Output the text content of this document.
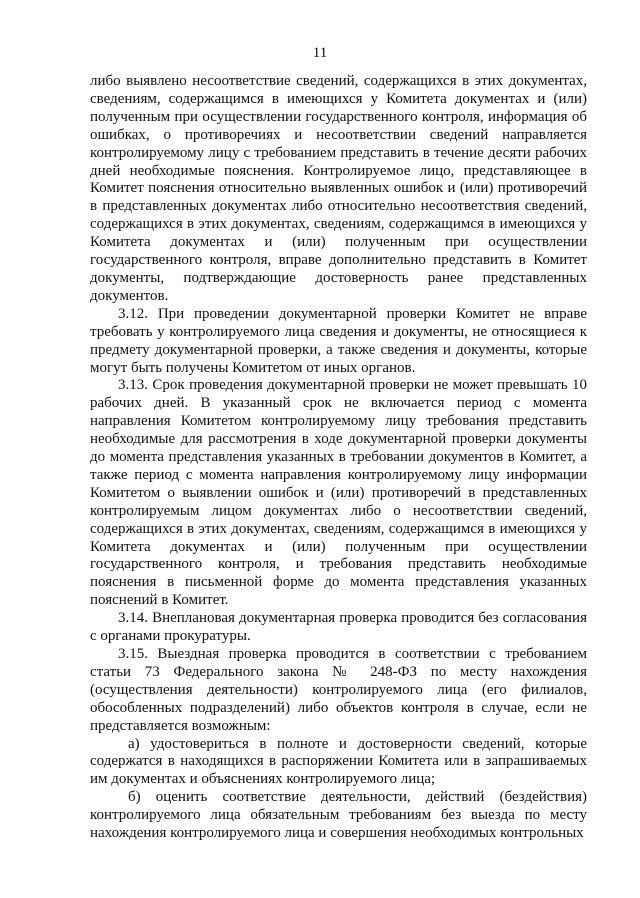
11

либо выявлено несоответствие сведений, содержащихся в этих документах, сведениям, содержащимся в имеющихся у Комитета документах и (или) полученным при осуществлении государственного контроля, информация об ошибках, о противоречиях и несоответствии сведений направляется контролируемому лицу с требованием представить в течение десяти рабочих дней необходимые пояснения. Контролируемое лицо, представляющее в Комитет пояснения относительно выявленных ошибок и (или) противоречий в представленных документах либо относительно несоответствия сведений, содержащихся в этих документах, сведениям, содержащимся в имеющихся у Комитета документах и (или) полученным при осуществлении государственного контроля, вправе дополнительно представить в Комитет документы, подтверждающие достоверность ранее представленных документов.

3.12. При проведении документарной проверки Комитет не вправе требовать у контролируемого лица сведения и документы, не относящиеся к предмету документарной проверки, а также сведения и документы, которые могут быть получены Комитетом от иных органов.

3.13. Срок проведения документарной проверки не может превышать 10 рабочих дней. В указанный срок не включается период с момента направления Комитетом контролируемому лицу требования представить необходимые для рассмотрения в ходе документарной проверки документы до момента представления указанных в требовании документов в Комитет, а также период с момента направления контролируемому лицу информации Комитетом о выявлении ошибок и (или) противоречий в представленных контролируемым лицом документах либо о несоответствии сведений, содержащихся в этих документах, сведениям, содержащимся в имеющихся у Комитета документах и (или) полученным при осуществлении государственного контроля, и требования представить необходимые пояснения в письменной форме до момента представления указанных пояснений в Комитет.

3.14. Внеплановая документарная проверка проводится без согласования с органами прокуратуры.

3.15. Выездная проверка проводится в соответствии с требованием статьи 73 Федерального закона № 248-ФЗ по месту нахождения (осуществления деятельности) контролируемого лица (его филиалов, обособленных подразделений) либо объектов контроля в случае, если не представляется возможным:

а) удостовериться в полноте и достоверности сведений, которые содержатся в находящихся в распоряжении Комитета или в запрашиваемых им документах и объяснениях контролируемого лица;

б) оценить соответствие деятельности, действий (бездействия) контролируемого лица обязательным требованиям без выезда по месту нахождения контролируемого лица и совершения необходимых контрольных
